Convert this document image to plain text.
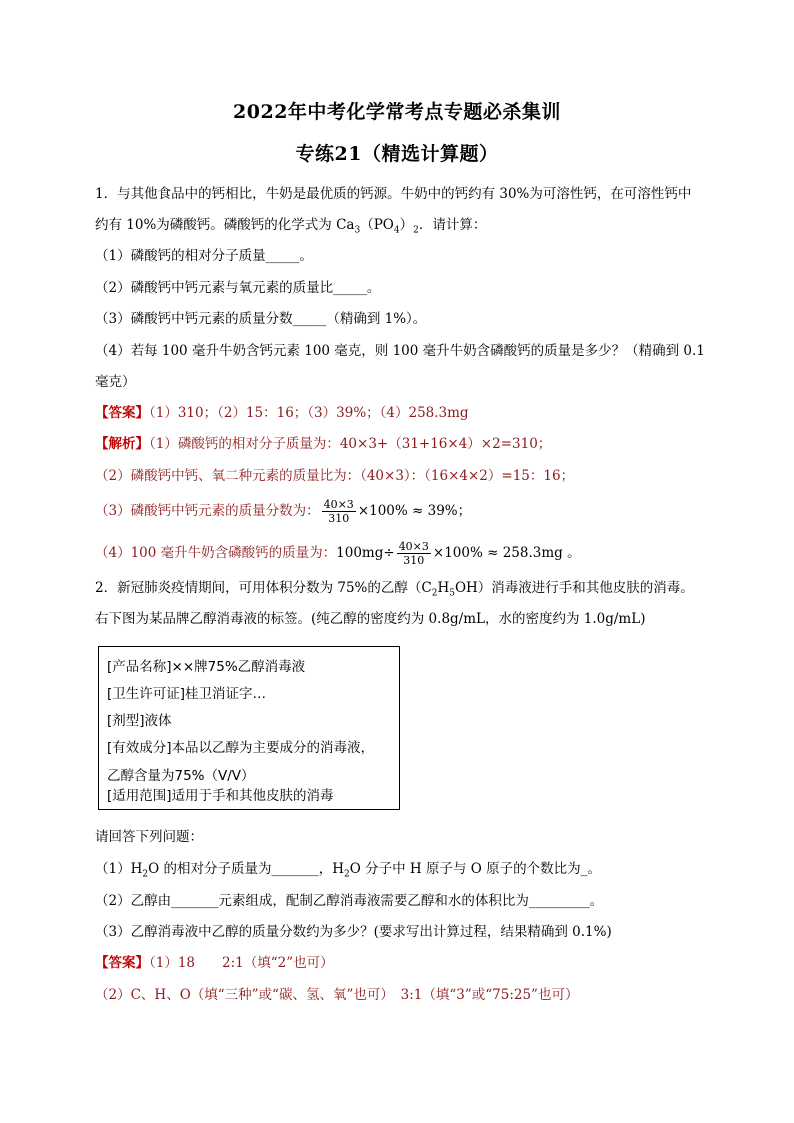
2022年中考化学常考点专题必杀集训
专练21（精选计算题）
1．与其他食品中的钙相比，牛奶是最优质的钙源。牛奶中的钙约有 30%为可溶性钙，在可溶性钙中
约有 10%为磷酸钙。磷酸钙的化学式为 $Ca_3(PO_4)_2$．请计算：
（1）磷酸钙的相对分子质量_____。
（2）磷酸钙中钙元素与氧元素的质量比_____。
（3）磷酸钙中钙元素的质量分数_____（精确到 1%）。
（4）若每 100 毫升牛奶含钙元素 100 毫克，则 100 毫升牛奶含磷酸钙的质量是多少？（精确到 0.1
毫克）
【答案】（1）310；（2）15：16；（3）39%；（4）258.3mg
【解析】（1）磷酸钙的相对分子质量为：40×3+（31+16×4）×2=310；
（2）磷酸钙中钙、氧二种元素的质量比为：（40×3）：（16×4×2）=15：16；
（3）磷酸钙中钙元素的质量分数为： $\frac{40\times 3}{310} \times 100\% \approx 39\%$；
（4）100 毫升牛奶含磷酸钙的质量为：$100mg\div \frac{40\times 3}{310} \times 100\% \approx 258.3mg$ 。
2．新冠肺炎疫情期间，可用体积分数为 75%的乙醇$(C_2H_5OH)$消毒液进行手和其他皮肤的消毒。
右下图为某品牌乙醇消毒液的标签。(纯乙醇的密度约为 0.8g/mL，水的密度约为 1.0g/mL)
[产品名称]××牌75%乙醇消毒液
[卫生许可证]桂卫消证字…
[剂型]液体
[有效成分]本品以乙醇为主要成分的消毒液，
乙醇含量为75%（V/V）
[适用范围]适用于手和其他皮肤的消毒
请回答下列问题：
$(1)H_2O$ 的相对分子质量为_______，$H_2O$ 分子中 H 原子与 O 原子的个数比为_。
（2）乙醇由_______元素组成，配制乙醇消毒液需要乙醇和水的体积比为_________。
（3）乙醇消毒液中乙醇的质量分数约为多少？(要求写出计算过程，结果精确到 0.1%)
【答案】（1）18　　2:1（填“2”也可）
（2）C、H、O（填“三种”或“碳、氢、氧”也可）　3:1（填“3”或“75:25”也可）
